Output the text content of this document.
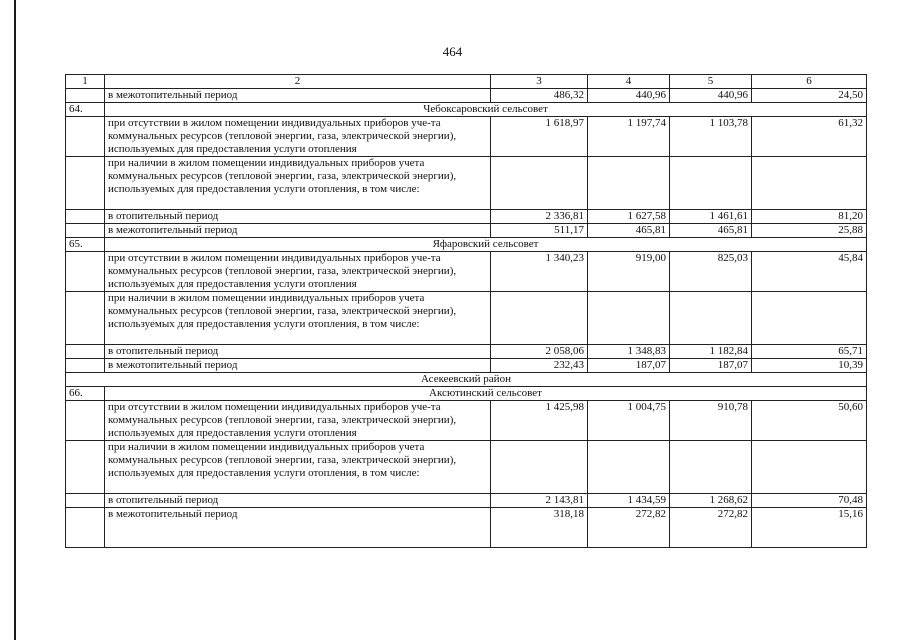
464
1	2	3	4	5	6
	в межотопительный период	486,32	440,96	440,96	24,50
64.	Чебоксаровский сельсовет				
	при отсутствии в жилом помещении индивидуальных приборов уче-та коммунальных ресурсов (тепловой энергии, газа, электрической энергии), используемых для предоставления услуги отопления	1 618,97	1 197,74	1 103,78	61,32
	при наличии в жилом помещении индивидуальных приборов учета коммунальных ресурсов (тепловой энергии, газа, электрической энергии), используемых для предоставления услуги отопления, в том числе:				
	в отопительный период	2 336,81	1 627,58	1 461,61	81,20
	в межотопительный период	511,17	465,81	465,81	25,88
65.	Яфаровский сельсовет				
	при отсутствии в жилом помещении индивидуальных приборов уче-та коммунальных ресурсов (тепловой энергии, газа, электрической энергии), используемых для предоставления услуги отопления	1 340,23	919,00	825,03	45,84
	при наличии в жилом помещении индивидуальных приборов учета коммунальных ресурсов (тепловой энергии, газа, электрической энергии), используемых для предоставления услуги отопления, в том числе:				
	в отопительный период	2 058,06	1 348,83	1 182,84	65,71
	в межотопительный период	232,43	187,07	187,07	10,39
Асекеевский район					
66.	Аксютинский сельсовет				
	при отсутствии в жилом помещении индивидуальных приборов уче-та коммунальных ресурсов (тепловой энергии, газа, электрической энергии), используемых для предоставления услуги отопления	1 425,98	1 004,75	910,78	50,60
	при наличии в жилом помещении индивидуальных приборов учета коммунальных ресурсов (тепловой энергии, газа, электрической энергии), используемых для предоставления услуги отопления, в том числе:				
	в отопительный период	2 143,81	1 434,59	1 268,62	70,48
	в межотопительный период	318,18	272,82	272,82	15,16
